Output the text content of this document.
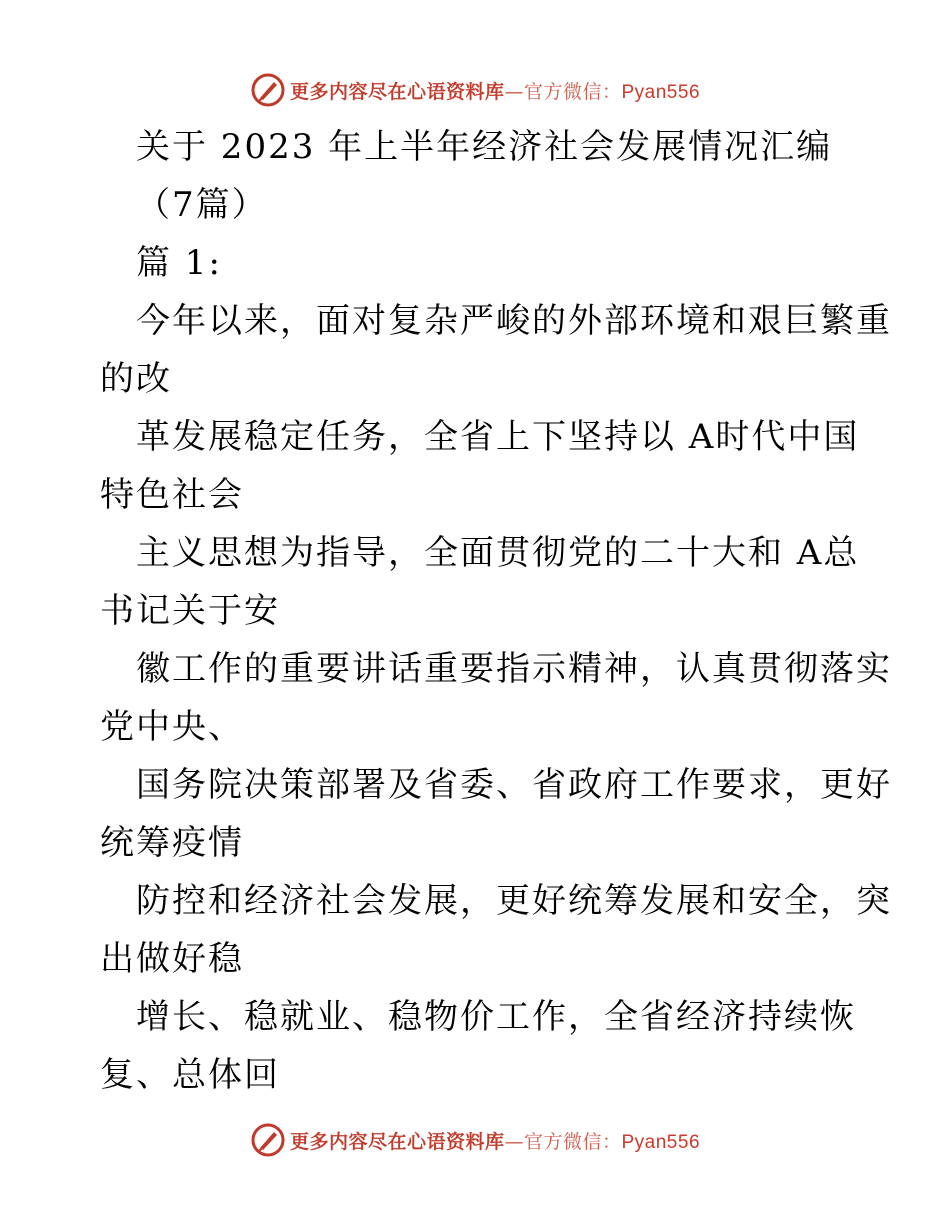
更多内容尽在心语资料库—官方微信：Pyan556
关于 2023 年上半年经济社会发展情况汇编
（7篇）
篇 1:
今年以来，面对复杂严峻的外部环境和艰巨繁重
的改
革发展稳定任务，全省上下坚持以 A时代中国
特色社会
主义思想为指导，全面贯彻党的二十大和 A总
书记关于安
徽工作的重要讲话重要指示精神，认真贯彻落实
党中央、
国务院决策部署及省委、省政府工作要求，更好
统筹疫情
防控和经济社会发展，更好统筹发展和安全，突
出做好稳
增长、稳就业、稳物价工作，全省经济持续恢
复、总体回
更多内容尽在心语资料库—官方微信：Pyan556
